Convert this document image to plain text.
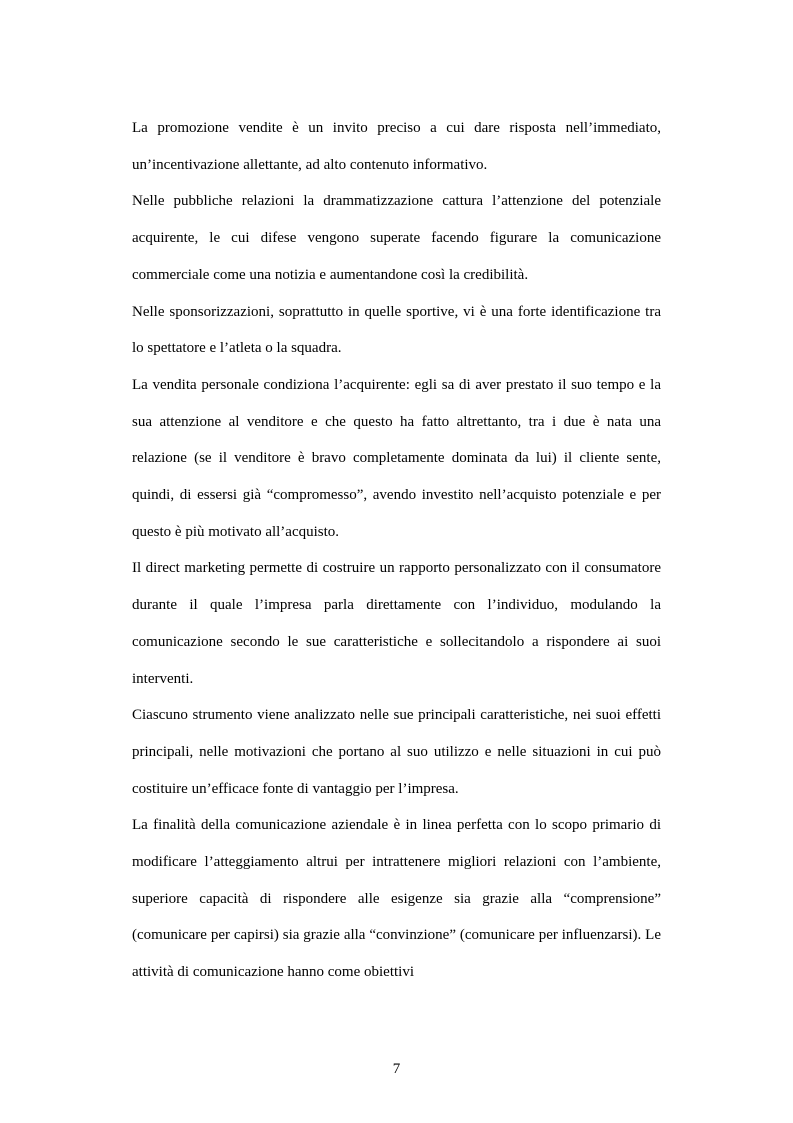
La promozione vendite è un invito preciso a cui dare risposta nell’immediato, un’incentivazione allettante, ad alto contenuto informativo.

Nelle pubbliche relazioni la drammatizzazione cattura l’attenzione del potenziale acquirente, le cui difese vengono superate facendo figurare la comunicazione commerciale come una notizia e aumentandone così la credibilità.

Nelle sponsorizzazioni, soprattutto in quelle sportive, vi è una forte identificazione tra lo spettatore e l’atleta o la squadra.

La vendita personale condiziona l’acquirente: egli sa di aver prestato il suo tempo e la sua attenzione al venditore e che questo ha fatto altrettanto, tra i due è nata una relazione (se il venditore è bravo completamente dominata da lui) il cliente sente, quindi, di essersi già “compromesso”, avendo investito nell’acquisto potenziale e per questo è più motivato all’acquisto.

Il direct marketing permette di costruire un rapporto personalizzato con il consumatore durante il quale l’impresa parla direttamente con l’individuo, modulando la comunicazione secondo le sue caratteristiche e sollecitandolo a rispondere ai suoi interventi.

Ciascuno strumento viene analizzato nelle sue principali caratteristiche, nei suoi effetti principali, nelle motivazioni che portano al suo utilizzo e nelle situazioni in cui può costituire un’efficace fonte di vantaggio per l’impresa.

La finalità della comunicazione aziendale è in linea perfetta con lo scopo primario di modificare l’atteggiamento altrui per intrattenere migliori relazioni con l’ambiente, superiore capacità di rispondere alle esigenze sia grazie alla “comprensione” (comunicare per capirsi) sia grazie alla “convinzione” (comunicare per influenzarsi). Le attività di comunicazione hanno come obiettivi

7
